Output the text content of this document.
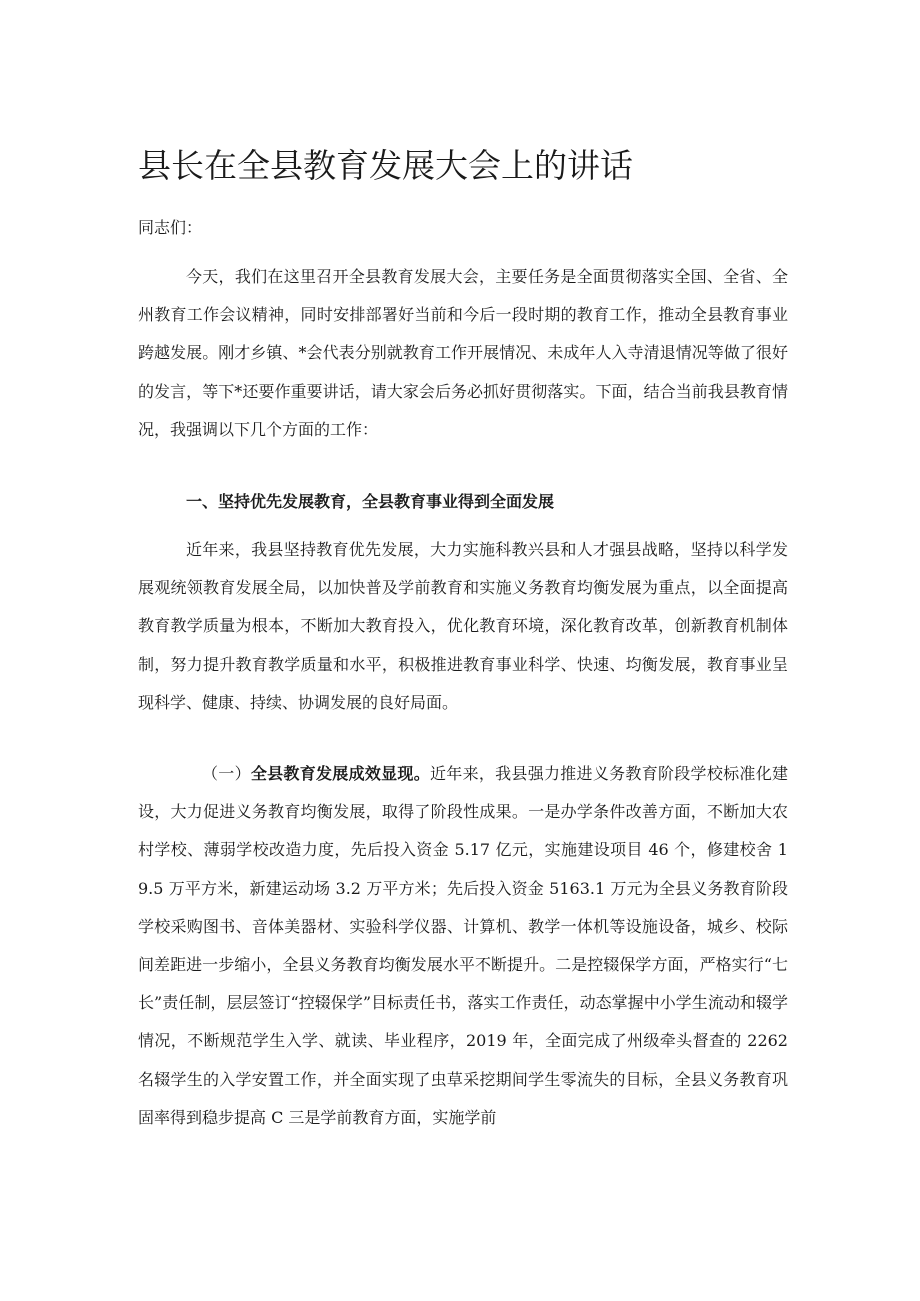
县长在全县教育发展大会上的讲话

同志们：

今天，我们在这里召开全县教育发展大会，主要任务是全面贯彻落实全国、全省、全州教育工作会议精神，同时安排部署好当前和今后一段时期的教育工作，推动全县教育事业跨越发展。刚才乡镇、*会代表分别就教育工作开展情况、未成年人入寺清退情况等做了很好的发言，等下*还要作重要讲话，请大家会后务必抓好贯彻落实。下面，结合当前我县教育情况，我强调以下几个方面的工作：

一、坚持优先发展教育，全县教育事业得到全面发展

近年来，我县坚持教育优先发展，大力实施科教兴县和人才强县战略，坚持以科学发展观统领教育发展全局，以加快普及学前教育和实施义务教育均衡发展为重点，以全面提高教育教学质量为根本，不断加大教育投入，优化教育环境，深化教育改革，创新教育机制体制，努力提升教育教学质量和水平，积极推进教育事业科学、快速、均衡发展，教育事业呈现科学、健康、持续、协调发展的良好局面。

（一）全县教育发展成效显现。近年来，我县强力推进义务教育阶段学校标准化建设，大力促进义务教育均衡发展，取得了阶段性成果。一是办学条件改善方面，不断加大农村学校、薄弱学校改造力度，先后投入资金 5.17 亿元，实施建设项目 46 个，修建校舍 19.5 万平方米，新建运动场 3.2 万平方米；先后投入资金 5163.1 万元为全县义务教育阶段学校采购图书、音体美器材、实验科学仪器、计算机、教学一体机等设施设备，城乡、校际间差距进一步缩小，全县义务教育均衡发展水平不断提升。二是控辍保学方面，严格实行“七长”责任制，层层签订“控辍保学”目标责任书，落实工作责任，动态掌握中小学生流动和辍学情况，不断规范学生入学、就读、毕业程序，2019 年，全面完成了州级牵头督查的 2262 名辍学生的入学安置工作，并全面实现了虫草采挖期间学生零流失的目标，全县义务教育巩固率得到稳步提高 C 三是学前教育方面，实施学前
